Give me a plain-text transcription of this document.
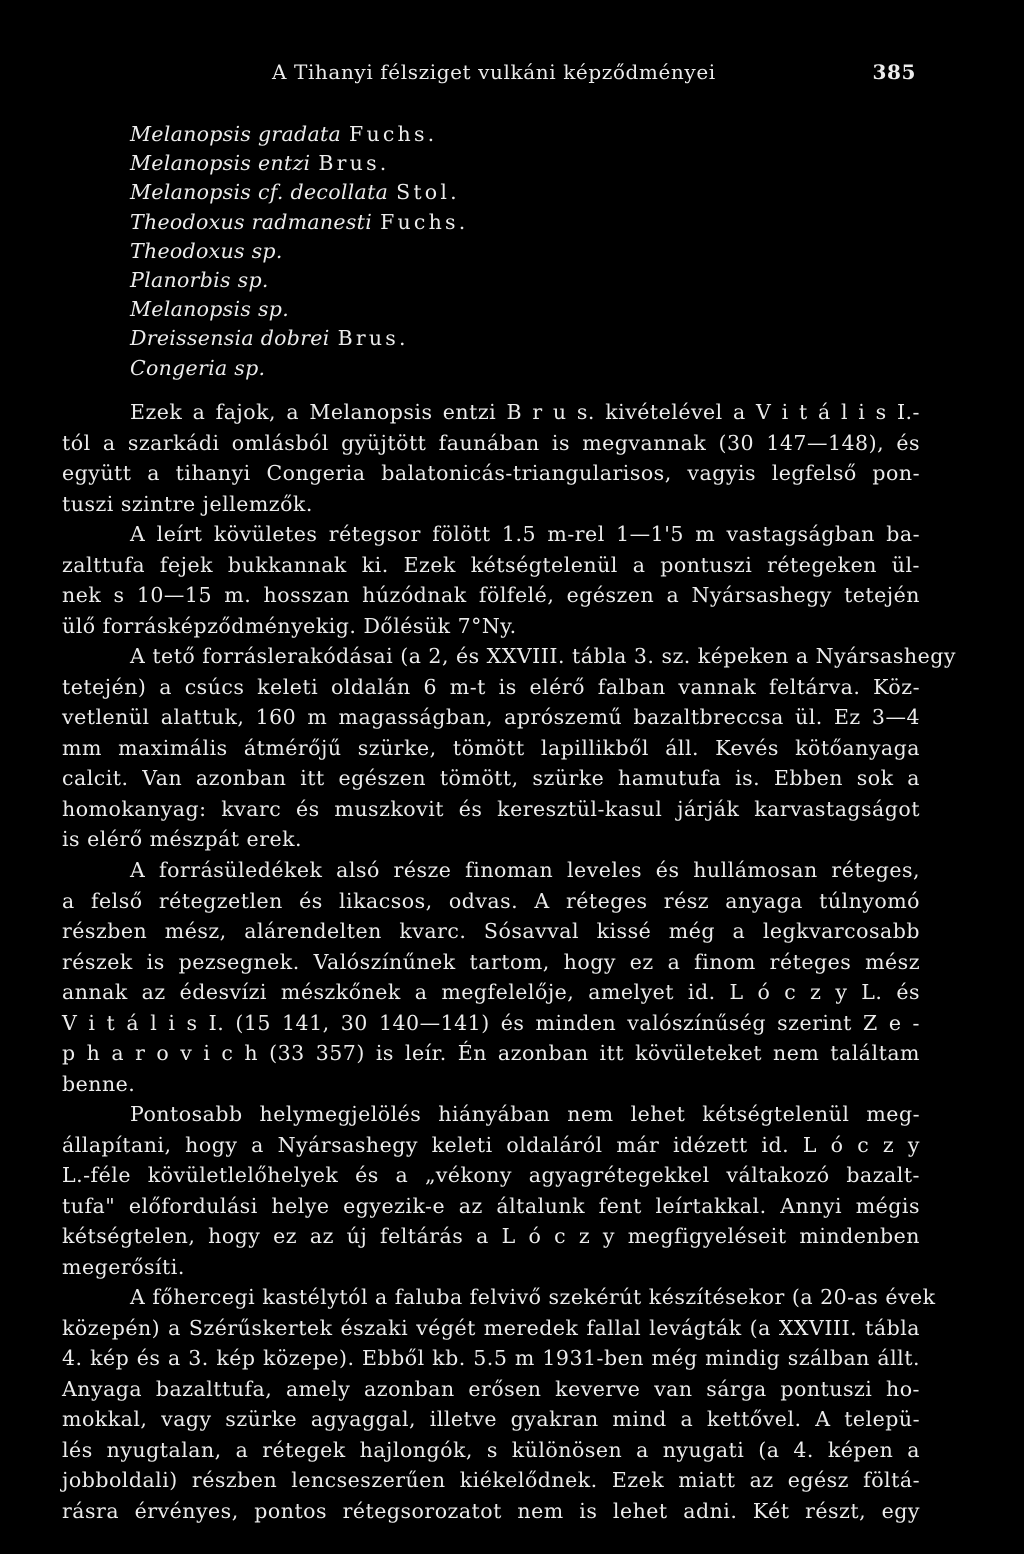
A Tihanyi félsziget vulkáni képződményei	385
Melanopsis gradata Fuchs.
Melanopsis entzi Brus.
Melanopsis cf. decollata Stol.
Theodoxus radmanesti Fuchs.
Theodoxus sp.
Planorbis sp.
Melanopsis sp.
Dreissensia dobrei Brus.
Congeria sp.
Ezek a fajok, a Melanopsis entzi B r u s. kivételével a V i t á l i s I.-
tól a szarkádi omlásból gyüjtött faunában is megvannak (30 147—148), és
együtt a tihanyi Congeria balatonicás-triangularisos, vagyis legfelső pon-
tuszi szintre jellemzők.
A leírt kövületes rétegsor fölött 1.5 m-rel 1—1'5 m vastagságban ba-
zalttufa fejek bukkannak ki. Ezek kétségtelenül a pontuszi rétegeken ül-
nek s 10—15 m. hosszan húzódnak fölfelé, egészen a Nyársashegy tetején
ülő forrásképződményekig. Dőlésük 7°Ny.
A tető forráslerakódásai (a 2, és XXVIII. tábla 3. sz. képeken a Nyársashegy
tetején) a csúcs keleti oldalán 6 m-t is elérő falban vannak feltárva. Köz-
vetlenül alattuk, 160 m magasságban, aprószemű bazaltbreccsa ül. Ez 3—4
mm maximális átmérőjű szürke, tömött lapillikből áll. Kevés kötőanyaga
calcit. Van azonban itt egészen tömött, szürke hamutufa is. Ebben sok a
homokanyag: kvarc és muszkovit és keresztül-kasul járják karvastagságot
is elérő mészpát erek.
A forrásüledékek alsó része finoman leveles és hullámosan réteges,
a felső rétegzetlen és likacsos, odvas. A réteges rész anyaga túlnyomó
részben mész, alárendelten kvarc. Sósavval kissé még a legkvarcosabb
részek is pezsegnek. Valószínűnek tartom, hogy ez a finom réteges mész
annak az édesvízi mészkőnek a megfelelője, amelyet id. L ó c z y L. és
V i t á l i s I. (15 141, 30 140—141) és minden valószínűség szerint Z e -
p h a r o v i c h (33 357) is leír. Én azonban itt kövületeket nem találtam
benne.
Pontosabb helymegjelölés hiányában nem lehet kétségtelenül meg-
állapítani, hogy a Nyársashegy keleti oldaláról már idézett id. L ó c z y
L.-féle kövületlelőhelyek és a „vékony agyagrétegekkel váltakozó bazalt-
tufa" előfordulási helye egyezik-e az általunk fent leírtakkal. Annyi mégis
kétségtelen, hogy ez az új feltárás a L ó c z y megfigyeléseit mindenben
megerősíti.
A főhercegi kastélytól a faluba felvivő szekérút készítésekor (a 20-as évek
közepén) a Szérűskertek északi végét meredek fallal levágták (a XXVIII. tábla
4. kép és a 3. kép közepe). Ebből kb. 5.5 m 1931-ben még mindig szálban állt.
Anyaga bazalttufa, amely azonban erősen keverve van sárga pontuszi ho-
mokkal, vagy szürke agyaggal, illetve gyakran mind a kettővel. A telepü-
lés nyugtalan, a rétegek hajlongók, s különösen a nyugati (a 4. képen a
jobboldali) részben lencseszerűen kiékelődnek. Ezek miatt az egész föltá-
rásra érvényes, pontos rétegsorozatot nem is lehet adni. Két részt, egy
